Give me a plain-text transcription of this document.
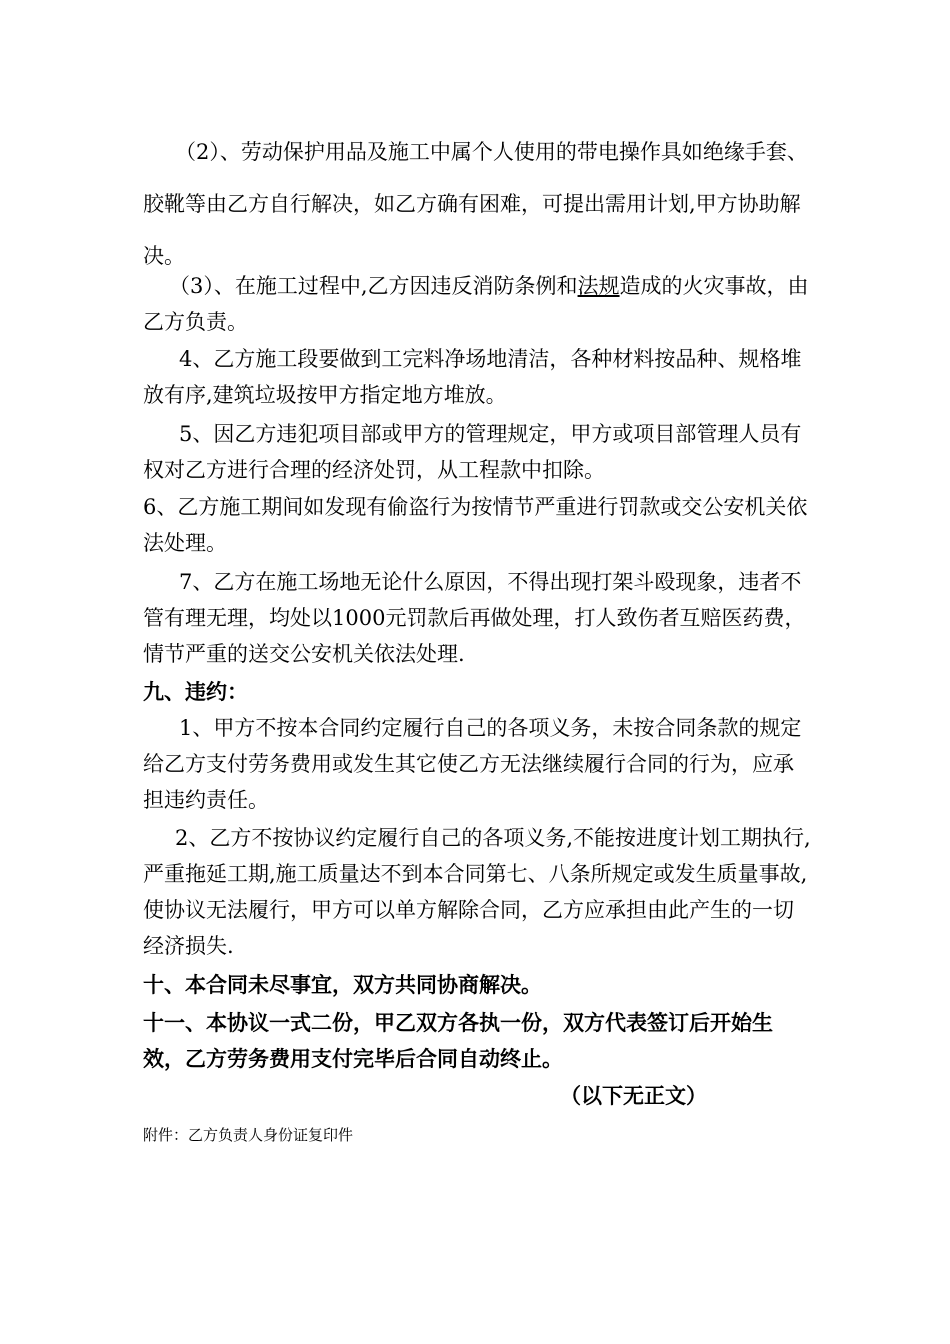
（2）、劳动保护用品及施工中属个人使用的带电操作具如绝缘手套、胶靴等由乙方自行解决，如乙方确有困难，可提出需用计划,甲方协助解决。

（3）、在施工过程中,乙方因违反消防条例和法规造成的火灾事故，由乙方负责。

4、乙方施工段要做到工完料净场地清洁，各种材料按品种、规格堆放有序,建筑垃圾按甲方指定地方堆放。

5、因乙方违犯项目部或甲方的管理规定，甲方或项目部管理人员有权对乙方进行合理的经济处罚，从工程款中扣除。

6、乙方施工期间如发现有偷盗行为按情节严重进行罚款或交公安机关依法处理。

7、乙方在施工场地无论什么原因，不得出现打架斗殴现象，违者不管有理无理，均处以1000元罚款后再做处理，打人致伤者互赔医药费，情节严重的送交公安机关依法处理.

九、违约：

1、甲方不按本合同约定履行自己的各项义务，未按合同条款的规定给乙方支付劳务费用或发生其它使乙方无法继续履行合同的行为，应承担违约责任。

2、乙方不按协议约定履行自己的各项义务,不能按进度计划工期执行,严重拖延工期,施工质量达不到本合同第七、八条所规定或发生质量事故,使协议无法履行，甲方可以单方解除合同，乙方应承担由此产生的一切经济损失.

十、本合同未尽事宜，双方共同协商解决。

十一、本协议一式二份，甲乙双方各执一份，双方代表签订后开始生效，乙方劳务费用支付完毕后合同自动终止。

（以下无正文）

附件：乙方负责人身份证复印件
